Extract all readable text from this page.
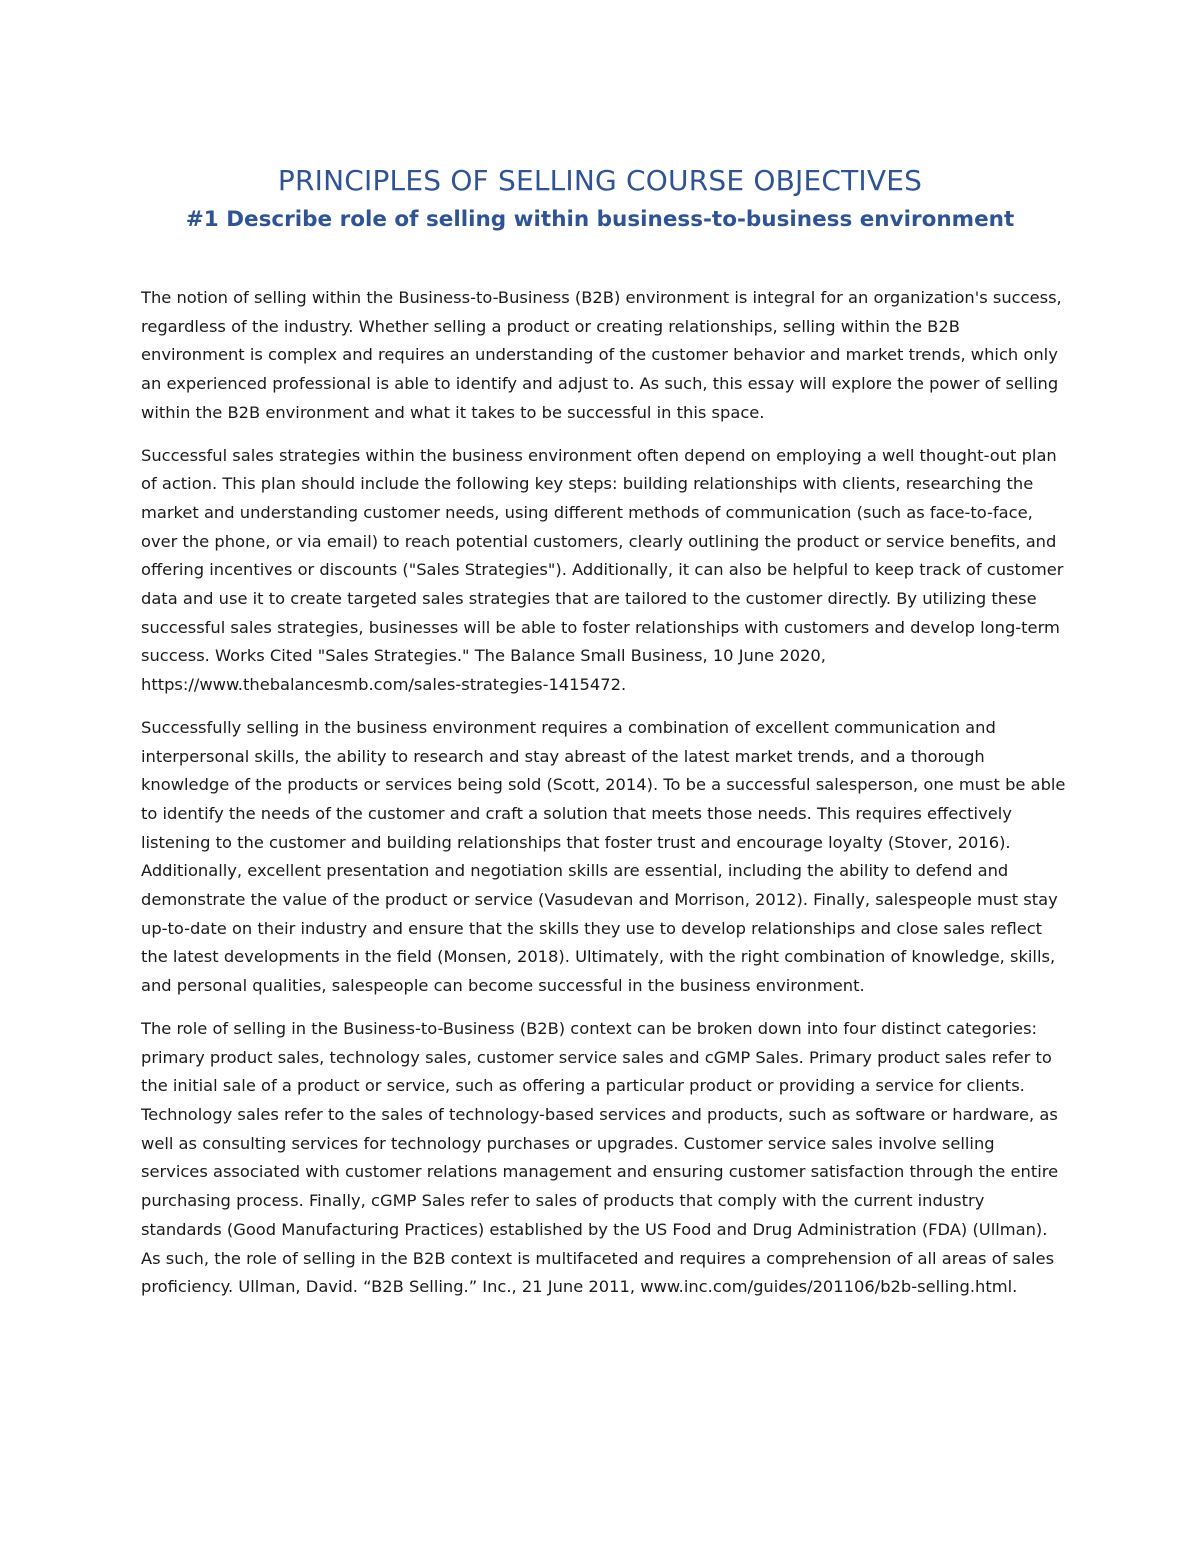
PRINCIPLES OF SELLING COURSE OBJECTIVES
#1 Describe role of selling within business-to-business environment

The notion of selling within the Business-to-Business (B2B) environment is integral for an organization's success, regardless of the industry. Whether selling a product or creating relationships, selling within the B2B environment is complex and requires an understanding of the customer behavior and market trends, which only an experienced professional is able to identify and adjust to. As such, this essay will explore the power of selling within the B2B environment and what it takes to be successful in this space.

Successful sales strategies within the business environment often depend on employing a well thought-out plan of action. This plan should include the following key steps: building relationships with clients, researching the market and understanding customer needs, using different methods of communication (such as face-to-face, over the phone, or via email) to reach potential customers, clearly outlining the product or service benefits, and offering incentives or discounts ("Sales Strategies"). Additionally, it can also be helpful to keep track of customer data and use it to create targeted sales strategies that are tailored to the customer directly. By utilizing these successful sales strategies, businesses will be able to foster relationships with customers and develop long-term success. Works Cited "Sales Strategies." The Balance Small Business, 10 June 2020, https://www.thebalancesmb.com/sales-strategies-1415472.

Successfully selling in the business environment requires a combination of excellent communication and interpersonal skills, the ability to research and stay abreast of the latest market trends, and a thorough knowledge of the products or services being sold (Scott, 2014). To be a successful salesperson, one must be able to identify the needs of the customer and craft a solution that meets those needs. This requires effectively listening to the customer and building relationships that foster trust and encourage loyalty (Stover, 2016). Additionally, excellent presentation and negotiation skills are essential, including the ability to defend and demonstrate the value of the product or service (Vasudevan and Morrison, 2012). Finally, salespeople must stay up-to-date on their industry and ensure that the skills they use to develop relationships and close sales reflect the latest developments in the field (Monsen, 2018). Ultimately, with the right combination of knowledge, skills, and personal qualities, salespeople can become successful in the business environment.

The role of selling in the Business-to-Business (B2B) context can be broken down into four distinct categories: primary product sales, technology sales, customer service sales and cGMP Sales. Primary product sales refer to the initial sale of a product or service, such as offering a particular product or providing a service for clients. Technology sales refer to the sales of technology-based services and products, such as software or hardware, as well as consulting services for technology purchases or upgrades. Customer service sales involve selling services associated with customer relations management and ensuring customer satisfaction through the entire purchasing process. Finally, cGMP Sales refer to sales of products that comply with the current industry standards (Good Manufacturing Practices) established by the US Food and Drug Administration (FDA) (Ullman). As such, the role of selling in the B2B context is multifaceted and requires a comprehension of all areas of sales proficiency. Ullman, David. “B2B Selling.” Inc., 21 June 2011, www.inc.com/guides/201106/b2b-selling.html.
